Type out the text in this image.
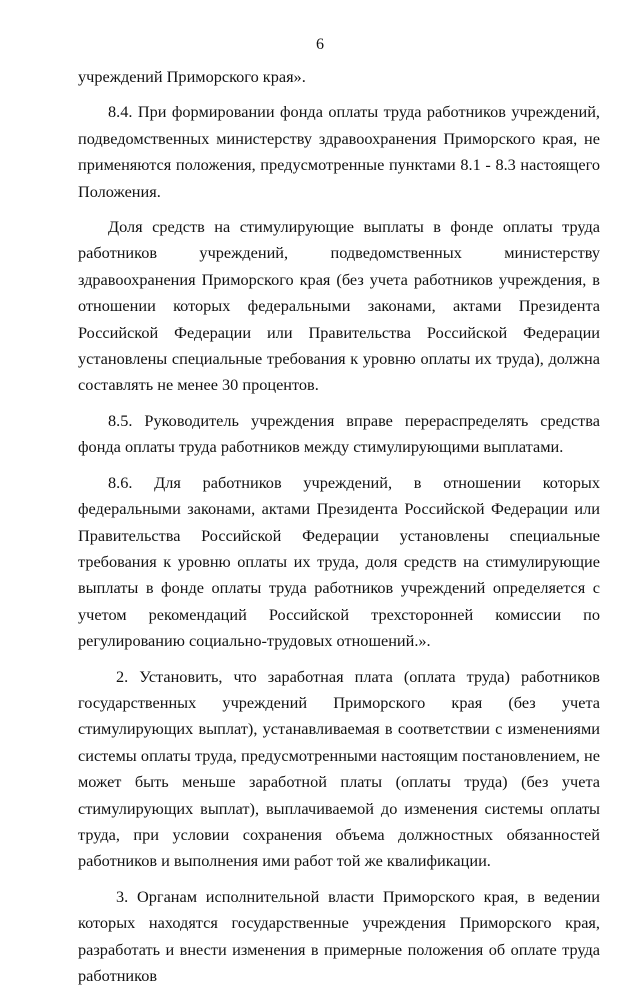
6

учреждений Приморского края».

8.4. При формировании фонда оплаты труда работников учреждений, подведомственных министерству здравоохранения Приморского края, не применяются положения, предусмотренные пунктами 8.1 - 8.3 настоящего Положения.

Доля средств на стимулирующие выплаты в фонде оплаты труда работников учреждений, подведомственных министерству здравоохранения Приморского края (без учета работников учреждения, в отношении которых федеральными законами, актами Президента Российской Федерации или Правительства Российской Федерации установлены специальные требования к уровню оплаты их труда), должна составлять не менее 30 процентов.

8.5. Руководитель учреждения вправе перераспределять средства фонда оплаты труда работников между стимулирующими выплатами.

8.6. Для работников учреждений, в отношении которых федеральными законами, актами Президента Российской Федерации или Правительства Российской Федерации установлены специальные требования к уровню оплаты их труда, доля средств на стимулирующие выплаты в фонде оплаты труда работников учреждений определяется с учетом рекомендаций Российской трехсторонней комиссии по регулированию социально-трудовых отношений.».

2. Установить, что заработная плата (оплата труда) работников государственных учреждений Приморского края (без учета стимулирующих выплат), устанавливаемая в соответствии с изменениями системы оплаты труда, предусмотренными настоящим постановлением, не может быть меньше заработной платы (оплаты труда) (без учета стимулирующих выплат), выплачиваемой до изменения системы оплаты труда, при условии сохранения объема должностных обязанностей работников и выполнения ими работ той же квалификации.

3. Органам исполнительной власти Приморского края, в ведении которых находятся государственные учреждения Приморского края, разработать и внести изменения в примерные положения об оплате труда работников
